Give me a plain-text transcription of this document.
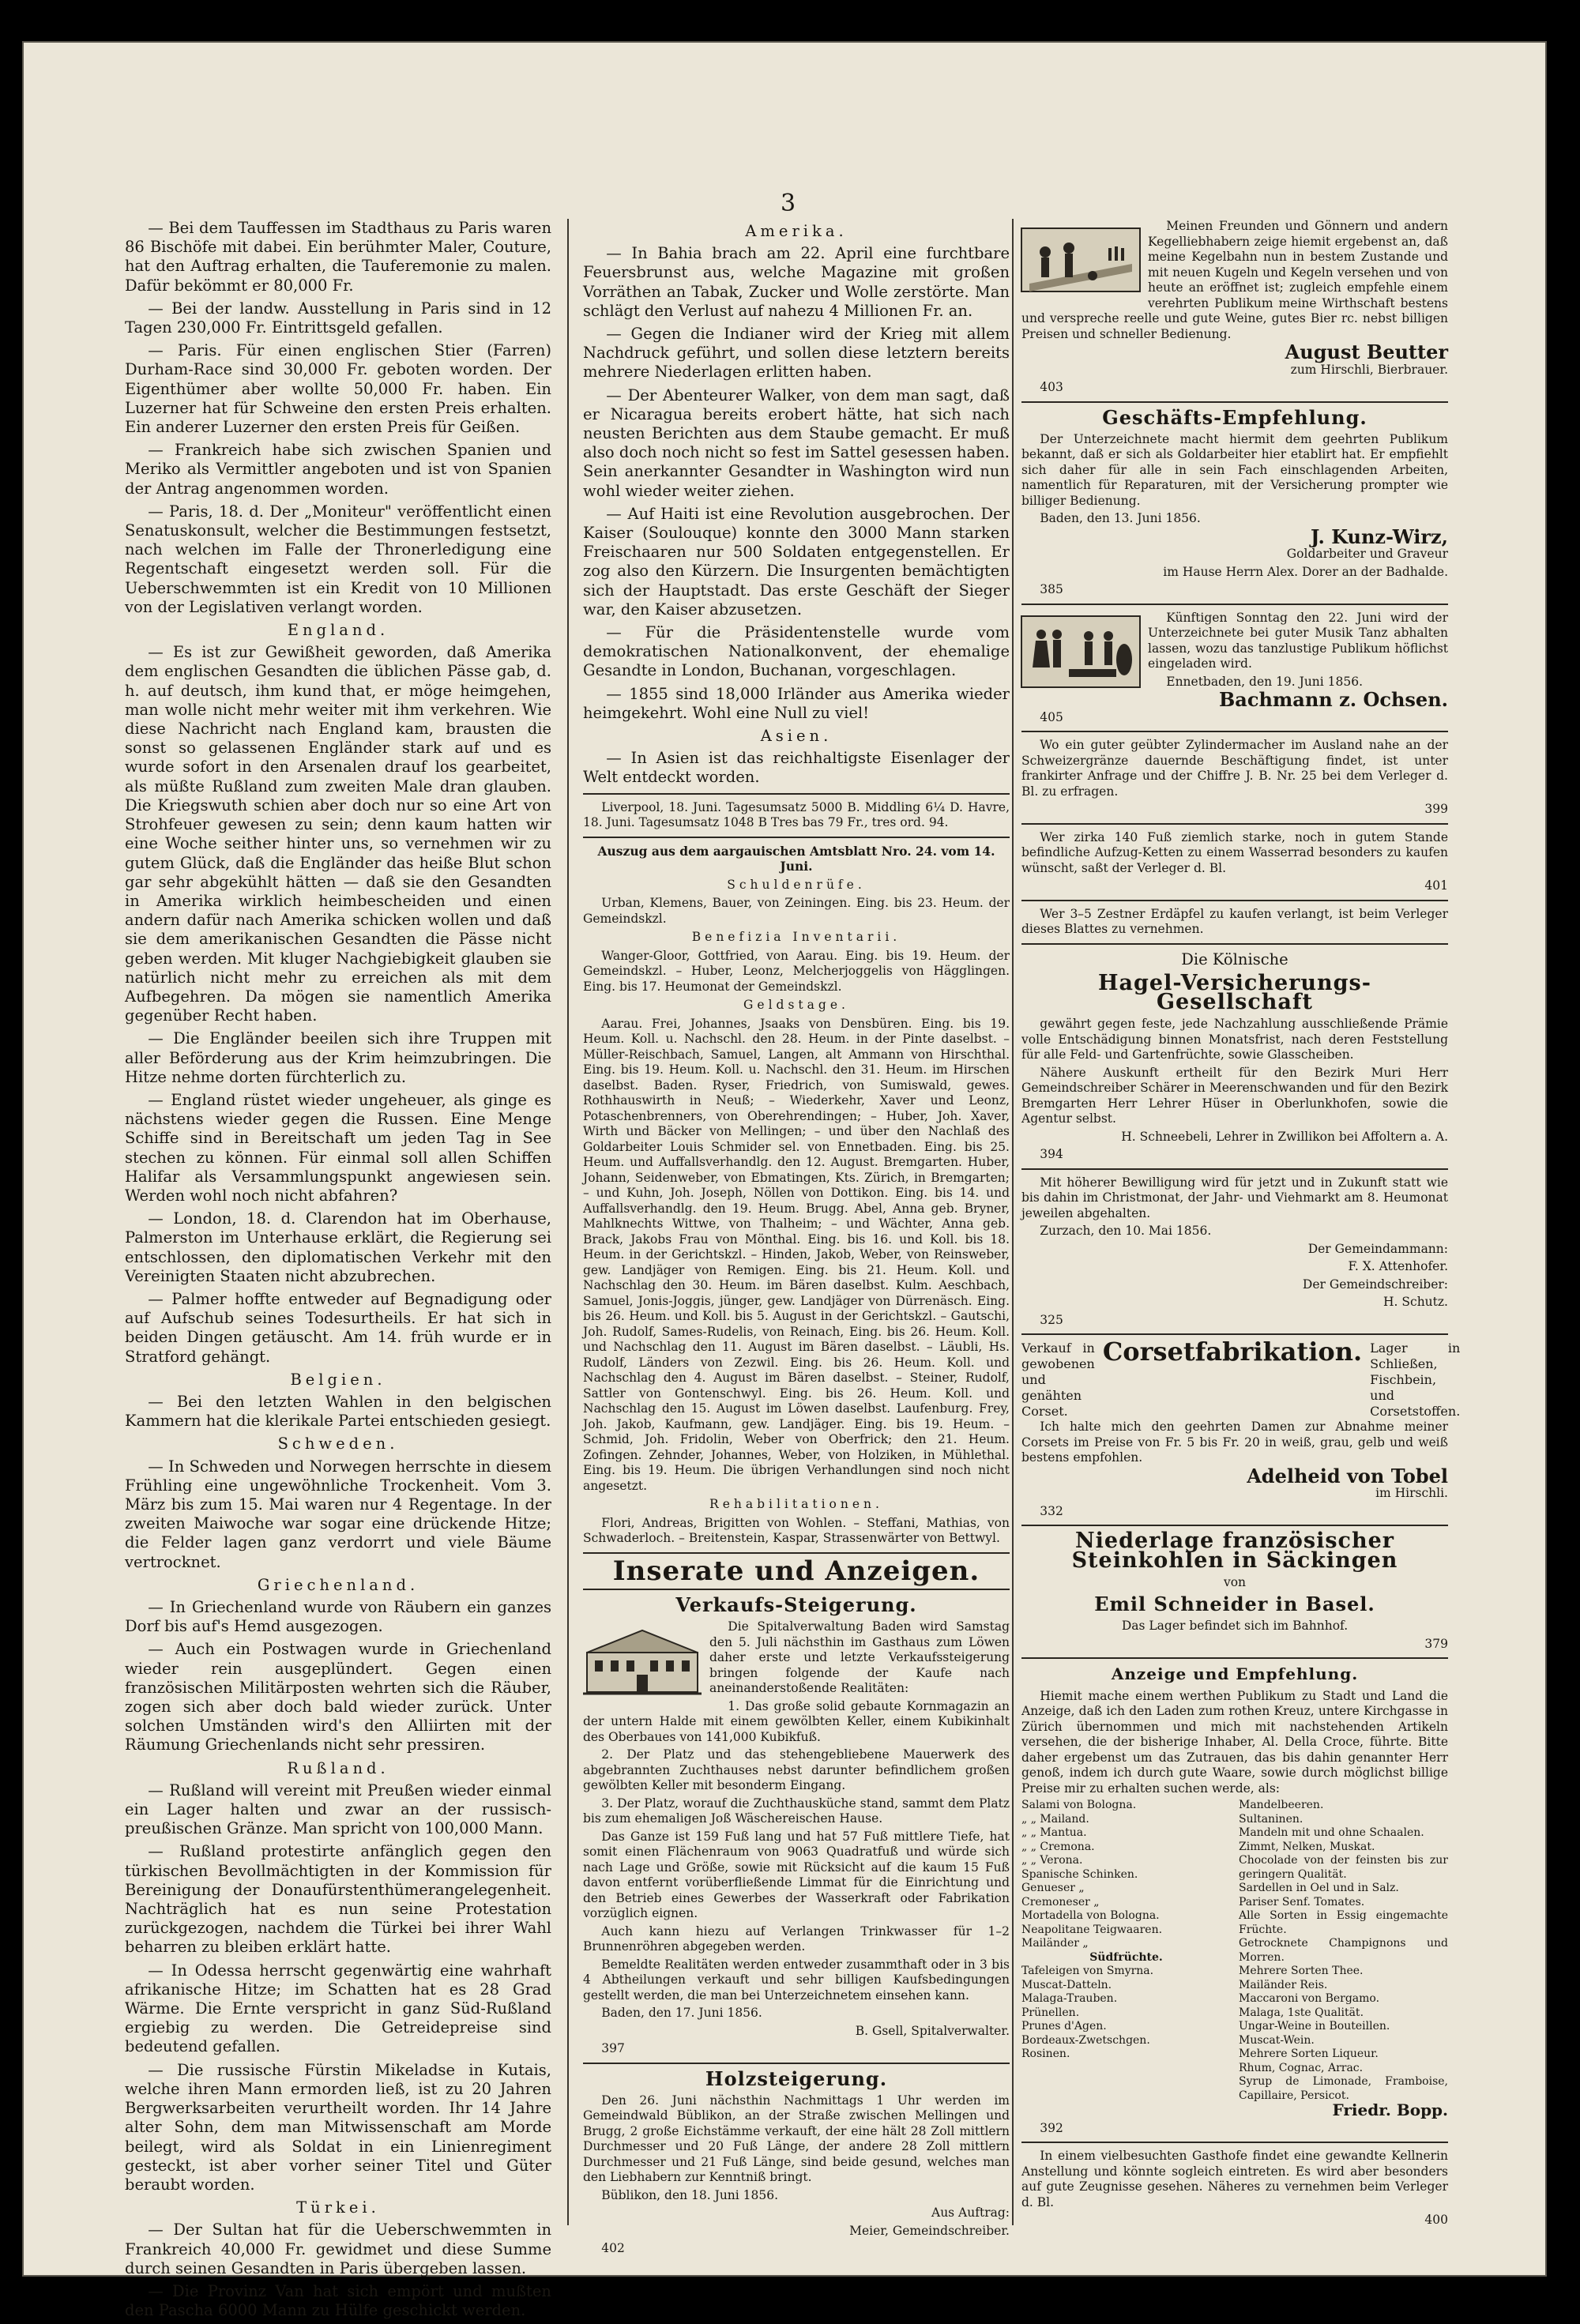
3

— Bei dem Tauffessen im Stadthaus zu Paris waren 86 Bischöfe mit dabei. Ein berühmter Maler, Couture, hat den Auftrag erhalten, die Tauferemonie zu malen. Dafür bekömmt er 80,000 Fr.

— Bei der landw. Ausstellung in Paris sind in 12 Tagen 230,000 Fr. Eintrittsgeld gefallen.

— Paris. Für einen englischen Stier (Farren) Durham-Race sind 30,000 Fr. geboten worden. Der Eigenthümer aber wollte 50,000 Fr. haben. Ein Luzerner hat für Schweine den ersten Preis erhalten. Ein anderer Luzerner den ersten Preis für Geißen.

— Frankreich habe sich zwischen Spanien und Meriko als Vermittler angeboten und ist von Spanien der Antrag angenommen worden.

— Paris, 18. d. Der „Moniteur" veröffentlicht einen Senatuskonsult, welcher die Bestimmungen festsetzt, nach welchen im Falle der Thronerledigung eine Regentschaft eingesetzt werden soll. Für die Ueberschwemmten ist ein Kredit von 10 Millionen von der Legislativen verlangt worden.

England.

— Es ist zur Gewißheit geworden, daß Amerika dem englischen Gesandten die üblichen Pässe gab, d. h. auf deutsch, ihm kund that, er möge heimgehen, man wolle nicht mehr weiter mit ihm verkehren. Wie diese Nachricht nach England kam, brausten die sonst so gelassenen Engländer stark auf und es wurde sofort in den Arsenalen drauf los gearbeitet, als müßte Rußland zum zweiten Male dran glauben. Die Kriegswuth schien aber doch nur so eine Art von Strohfeuer gewesen zu sein; denn kaum hatten wir eine Woche seither hinter uns, so vernehmen wir zu gutem Glück, daß die Engländer das heiße Blut schon gar sehr abgekühlt hätten — daß sie den Gesandten in Amerika wirklich heimbescheiden und einen andern dafür nach Amerika schicken wollen und daß sie dem amerikanischen Gesandten die Pässe nicht geben werden. Mit kluger Nachgiebigkeit glauben sie natürlich nicht mehr zu erreichen als mit dem Aufbegehren. Da mögen sie namentlich Amerika gegenüber Recht haben.

— Die Engländer beeilen sich ihre Truppen mit aller Beförderung aus der Krim heimzubringen. Die Hitze nehme dorten fürchterlich zu.

— England rüstet wieder ungeheuer, als ginge es nächstens wieder gegen die Russen. Eine Menge Schiffe sind in Bereitschaft um jeden Tag in See stechen zu können. Für einmal soll allen Schiffen Halifar als Versammlungspunkt angewiesen sein. Werden wohl noch nicht abfahren?

— London, 18. d. Clarendon hat im Oberhause, Palmerston im Unterhause erklärt, die Regierung sei entschlossen, den diplomatischen Verkehr mit den Vereinigten Staaten nicht abzubrechen.

— Palmer hoffte entweder auf Begnadigung oder auf Aufschub seines Todesurtheils. Er hat sich in beiden Dingen getäuscht. Am 14. früh wurde er in Stratford gehängt.

Belgien.

— Bei den letzten Wahlen in den belgischen Kammern hat die klerikale Partei entschieden gesiegt.

Schweden.

— In Schweden und Norwegen herrschte in diesem Frühling eine ungewöhnliche Trockenheit. Vom 3. März bis zum 15. Mai waren nur 4 Regentage. In der zweiten Maiwoche war sogar eine drückende Hitze; die Felder lagen ganz verdorrt und viele Bäume vertrocknet.

Griechenland.

— In Griechenland wurde von Räubern ein ganzes Dorf bis auf's Hemd ausgezogen.

— Auch ein Postwagen wurde in Griechenland wieder rein ausgeplündert. Gegen einen französischen Militärposten wehrten sich die Räuber, zogen sich aber doch bald wieder zurück. Unter solchen Umständen wird's den Alliirten mit der Räumung Griechenlands nicht sehr pressiren.

Rußland.

— Rußland will vereint mit Preußen wieder einmal ein Lager halten und zwar an der russisch-preußischen Gränze. Man spricht von 100,000 Mann.

— Rußland protestirte anfänglich gegen den türkischen Bevollmächtigten in der Kommission für Bereinigung der Donaufürstenthümerangelegenheit. Nachträglich hat es nun seine Protestation zurückgezogen, nachdem die Türkei bei ihrer Wahl beharren zu bleiben erklärt hatte.

— In Odessa herrscht gegenwärtig eine wahrhaft afrikanische Hitze; im Schatten hat es 28 Grad Wärme. Die Ernte verspricht in ganz Süd-Rußland ergiebig zu werden. Die Getreidepreise sind bedeutend gefallen.

— Die russische Fürstin Mikeladse in Kutais, welche ihren Mann ermorden ließ, ist zu 20 Jahren Bergwerksarbeiten verurtheilt worden. Ihr 14 Jahre alter Sohn, dem man Mitwissenschaft am Morde beilegt, wird als Soldat in ein Linienregiment gesteckt, ist aber vorher seiner Titel und Güter beraubt worden.

Türkei.

— Der Sultan hat für die Ueberschwemmten in Frankreich 40,000 Fr. gewidmet und diese Summe durch seinen Gesandten in Paris übergeben lassen.

— Die Provinz Van hat sich empört und mußten den Pascha 6000 Mann zu Hülfe geschickt werden.

Amerika.

— In Bahia brach am 22. April eine furchtbare Feuersbrunst aus, welche Magazine mit großen Vorräthen an Tabak, Zucker und Wolle zerstörte. Man schlägt den Verlust auf nahezu 4 Millionen Fr. an.

— Gegen die Indianer wird der Krieg mit allem Nachdruck geführt, und sollen diese letztern bereits mehrere Niederlagen erlitten haben.

— Der Abenteurer Walker, von dem man sagt, daß er Nicaragua bereits erobert hätte, hat sich nach neusten Berichten aus dem Staube gemacht. Er muß also doch noch nicht so fest im Sattel gesessen haben. Sein anerkannter Gesandter in Washington wird nun wohl wieder weiter ziehen.

— Auf Haiti ist eine Revolution ausgebrochen. Der Kaiser (Soulouque) konnte den 3000 Mann starken Freischaaren nur 500 Soldaten entgegenstellen. Er zog also den Kürzern. Die Insurgenten bemächtigten sich der Hauptstadt. Das erste Geschäft der Sieger war, den Kaiser abzusetzen.

— Für die Präsidentenstelle wurde vom demokratischen Nationalkonvent, der ehemalige Gesandte in London, Buchanan, vorgeschlagen.

— 1855 sind 18,000 Irländer aus Amerika wieder heimgekehrt. Wohl eine Null zu viel!

Asien.

— In Asien ist das reichhaltigste Eisenlager der Welt entdeckt worden.

Liverpool, 18. Juni. Tagesumsatz 5000 B. Middling 6¼ D. Havre, 18. Juni. Tagesumsatz 1048 B Tres bas 79 Fr., tres ord. 94.

Auszug aus dem aargauischen Amtsblatt Nro. 24. vom 14. Juni.
Schuldenrüfe.

Urban, Klemens, Bauer, von Zeiningen. Eing. bis 23. Heum. der Gemeindskzl.

Benefizia Inventarii.

Wanger-Gloor, Gottfried, von Aarau. Eing. bis 19. Heum. der Gemeindskzl. – Huber, Leonz, Melcherjoggelis von Hägglingen. Eing. bis 17. Heumonat der Gemeindskzl.

Geldstage.

Aarau. Frei, Johannes, Jsaaks von Densbüren. Eing. bis 19. Heum. Koll. u. Nachschl. den 28. Heum. in der Pinte daselbst. –Müller-Reischbach, Samuel, Langen, alt Ammann von Hirschthal. Eing. bis 19. Heum. Koll. u. Nachschl. den 31. Heum. im Hirschen daselbst. Baden. Ryser, Friedrich, von Sumiswald, gewes. Rothhauswirth in Neuß; – Wiederkehr, Xaver und Leonz, Potaschenbrenners, von Oberehrendingen; – Huber, Joh. Xaver, Wirth und Bäcker von Mellingen; – und über den Nachlaß des Goldarbeiter Louis Schmider sel. von Ennetbaden. Eing. bis 25. Heum. und Auffallsverhandlg. den 12. August. Bremgarten. Huber, Johann, Seidenweber, von Ebmatingen, Kts. Zürich, in Bremgarten; – und Kuhn, Joh. Joseph, Nöllen von Dottikon. Eing. bis 14. und Auffallsverhandlg. den 19. Heum. Brugg. Abel, Anna geb. Bryner, Mahlknechts Wittwe, von Thalheim; – und Wächter, Anna geb. Brack, Jakobs Frau von Mönthal. Eing. bis 16. und Koll. bis 18. Heum. in der Gerichtskzl. – Hinden, Jakob, Weber, von Reinsweber, gew. Landjäger von Remigen. Eing. bis 21. Heum. Koll. und Nachschlag den 30. Heum. im Bären daselbst. Kulm. Aeschbach, Samuel, Jonis-Joggis, jünger, gew. Landjäger von Dürrenäsch. Eing. bis 26. Heum. und Koll. bis 5. August in der Gerichtskzl. – Gautschi, Joh. Rudolf, Sames-Rudelis, von Reinach, Eing. bis 26. Heum. Koll. und Nachschlag den 11. August im Bären daselbst. – Läubli, Hs. Rudolf, Länders von Zezwil. Eing. bis 26. Heum. Koll. und Nachschlag den 4. August im Bären daselbst. – Steiner, Rudolf, Sattler von Gontenschwyl. Eing. bis 26. Heum. Koll. und Nachschlag den 15. August im Löwen daselbst. Laufenburg. Frey, Joh. Jakob, Kaufmann, gew. Landjäger. Eing. bis 19. Heum. – Schmid, Joh. Fridolin, Weber von Oberfrick; den 21. Heum. Zofingen. Zehnder, Johannes, Weber, von Holziken, in Mühlethal. Eing. bis 19. Heum. Die übrigen Verhandlungen sind noch nicht angesetzt.

Rehabilitationen.

Flori, Andreas, Brigitten von Wohlen. – Steffani, Mathias, von Schwaderloch. – Breitenstein, Kaspar, Strassenwärter von Bettwyl.

Inserate und Anzeigen.
Verkaufs-Steigerung.

Die Spitalverwaltung Baden wird Samstag den 5. Juli nächsthin im Gasthaus zum Löwen daher erste und letzte Verkaufssteigerung bringen folgende der Kaufe nach aneinanderstoßende Realitäten:

1. Das große solid gebaute Kornmagazin an der untern Halde mit einem gewölbten Keller, einem Kubikinhalt des Oberbaues von 141,000 Kubikfuß.

2. Der Platz und das stehengebliebene Mauerwerk des abgebrannten Zuchthauses nebst darunter befindlichem großen gewölbten Keller mit besonderm Eingang.

3. Der Platz, worauf die Zuchthausküche stand, sammt dem Platz bis zum ehemaligen Joß Wäschereischen Hause.

Das Ganze ist 159 Fuß lang und hat 57 Fuß mittlere Tiefe, hat somit einen Flächenraum von 9063 Quadratfuß und würde sich nach Lage und Größe, sowie mit Rücksicht auf die kaum 15 Fuß davon entfernt vorüberfließende Limmat für die Einrichtung und den Betrieb eines Gewerbes der Wasserkraft oder Fabrikation vorzüglich eignen.

Auch kann hiezu auf Verlangen Trinkwasser für 1–2 Brunnenröhren abgegeben werden.

Bemeldte Realitäten werden entweder zusammthaft oder in 3 bis 4 Abtheilungen verkauft und sehr billigen Kaufsbedingungen gestellt werden, die man bei Unterzeichnetem einsehen kann.

Baden, den 17. Juni 1856.

B. Gsell, Spitalverwalter.

397

Holzsteigerung.

Den 26. Juni nächsthin Nachmittags 1 Uhr werden im Gemeindwald Büblikon, an der Straße zwischen Mellingen und Brugg, 2 große Eichstämme verkauft, der eine hält 28 Zoll mittlern Durchmesser und 20 Fuß Länge, der andere 28 Zoll mittlern Durchmesser und 21 Fuß Länge, sind beide gesund, welches man den Liebhabern zur Kenntniß bringt.

Büblikon, den 18. Juni 1856.

Aus Auftrag:

Meier, Gemeindschreiber.

402

Meinen Freunden und Gönnern und andern Kegelliebhabern zeige hiemit ergebenst an, daß meine Kegelbahn nun in bestem Zustande und mit neuen Kugeln und Kegeln versehen und von heute an eröffnet ist; zugleich empfehle einem verehrten Publikum meine Wirthschaft bestens und verspreche reelle und gute Weine, gutes Bier rc. nebst billigen Preisen und schneller Bedienung.

August Beutter

zum Hirschli, Bierbrauer.

403

Geschäfts-Empfehlung.

Der Unterzeichnete macht hiermit dem geehrten Publikum bekannt, daß er sich als Goldarbeiter hier etablirt hat. Er empfiehlt sich daher für alle in sein Fach einschlagenden Arbeiten, namentlich für Reparaturen, mit der Versicherung prompter wie billiger Bedienung.

Baden, den 13. Juni 1856.

J. Kunz-Wirz,

Goldarbeiter und Graveur

im Hause Herrn Alex. Dorer an der Badhalde.

385

Künftigen Sonntag den 22. Juni wird der Unterzeichnete bei guter Musik Tanz abhalten lassen, wozu das tanzlustige Publikum höflichst eingeladen wird.

Ennetbaden, den 19. Juni 1856.

Bachmann z. Ochsen.

405

Wo ein guter geübter Zylindermacher im Ausland nahe an der Schweizergränze dauernde Beschäftigung findet, ist unter frankirter Anfrage und der Chiffre J. B. Nr. 25 bei dem Verleger d. Bl. zu erfragen.

399

Wer zirka 140 Fuß ziemlich starke, noch in gutem Stande befindliche Aufzug-Ketten zu einem Wasserrad besonders zu kaufen wünscht, saßt der Verleger d. Bl.

401

Wer 3–5 Zestner Erdäpfel zu kaufen verlangt, ist beim Verleger dieses Blattes zu vernehmen.

Die Kölnische
Hagel-Versicherungs-Gesellschaft

gewährt gegen feste, jede Nachzahlung ausschließende Prämie volle Entschädigung binnen Monatsfrist, nach deren Feststellung für alle Feld- und Gartenfrüchte, sowie Glasscheiben.

Nähere Auskunft ertheilt für den Bezirk Muri Herr Gemeindschreiber Schärer in Meerenschwanden und für den Bezirk Bremgarten Herr Lehrer Hüser in Oberlunkhofen, sowie die Agentur selbst.

H. Schneebeli, Lehrer in Zwillikon bei Affoltern a. A.

394

Mit höherer Bewilligung wird für jetzt und in Zukunft statt wie bis dahin im Christmonat, der Jahr- und Viehmarkt am 8. Heumonat jeweilen abgehalten.

Zurzach, den 10. Mai 1856.

Der Gemeindammann:

F. X. Attenhofer.

Der Gemeindschreiber:

H. Schutz.

325

Verkauf in gewobenen und genähten Corset.

Corsetfabrikation. Lager in Schließen, Fischbein, und Corsetstoffen.

Ich halte mich den geehrten Damen zur Abnahme meiner Corsets im Preise von Fr. 5 bis Fr. 20 in weiß, grau, gelb und weiß bestens empfohlen.

Adelheid von Tobel

im Hirschli.

332

Niederlage französischer Steinkohlen in Säckingen
von
Emil Schneider in Basel.

Das Lager befindet sich im Bahnhof.

379

Anzeige und Empfehlung.

Hiemit mache einem werthen Publikum zu Stadt und Land die Anzeige, daß ich den Laden zum rothen Kreuz, untere Kirchgasse in Zürich übernommen und mich mit nachstehenden Artikeln versehen, die der bisherige Inhaber, Al. Della Croce, führte. Bitte daher ergebenst um das Zutrauen, das bis dahin genannter Herr genoß, indem ich durch gute Waare, sowie durch möglichst billige Preise mir zu erhalten suchen werde, als:

Salami von Bologna.

„ „ Mailand.

„ „ Mantua.

„ „ Cremona.

„ „ Verona.

Spanische Schinken.

Genueser „

Cremoneser „

Mortadella von Bologna.

Neapolitane Teigwaaren.

Mailänder „

Südfrüchte.

Tafeleigen von Smyrna.

Muscat-Datteln.

Malaga-Trauben.

Prünellen.

Prunes d'Agen.

Bordeaux-Zwetschgen.

Rosinen.

Mandelbeeren.

Sultaninen.

Mandeln mit und ohne Schaalen.

Zimmt, Nelken, Muskat.

Chocolade von der feinsten bis zur geringern Qualität.

Sardellen in Oel und in Salz.

Pariser Senf. Tomates.

Alle Sorten in Essig eingemachte Früchte.

Getrocknete Champignons und Morren.

Mehrere Sorten Thee.

Mailänder Reis.

Maccaroni von Bergamo.

Malaga, 1ste Qualität.

Ungar-Weine in Bouteillen.

Muscat-Wein.

Mehrere Sorten Liqueur.

Rhum, Cognac, Arrac.

Syrup de Limonade, Framboise, Capillaire, Persicot.

Friedr. Bopp.

392

In einem vielbesuchten Gasthofe findet eine gewandte Kellnerin Anstellung und könnte sogleich eintreten. Es wird aber besonders auf gute Zeugnisse gesehen. Näheres zu vernehmen beim Verleger d. Bl.

400
